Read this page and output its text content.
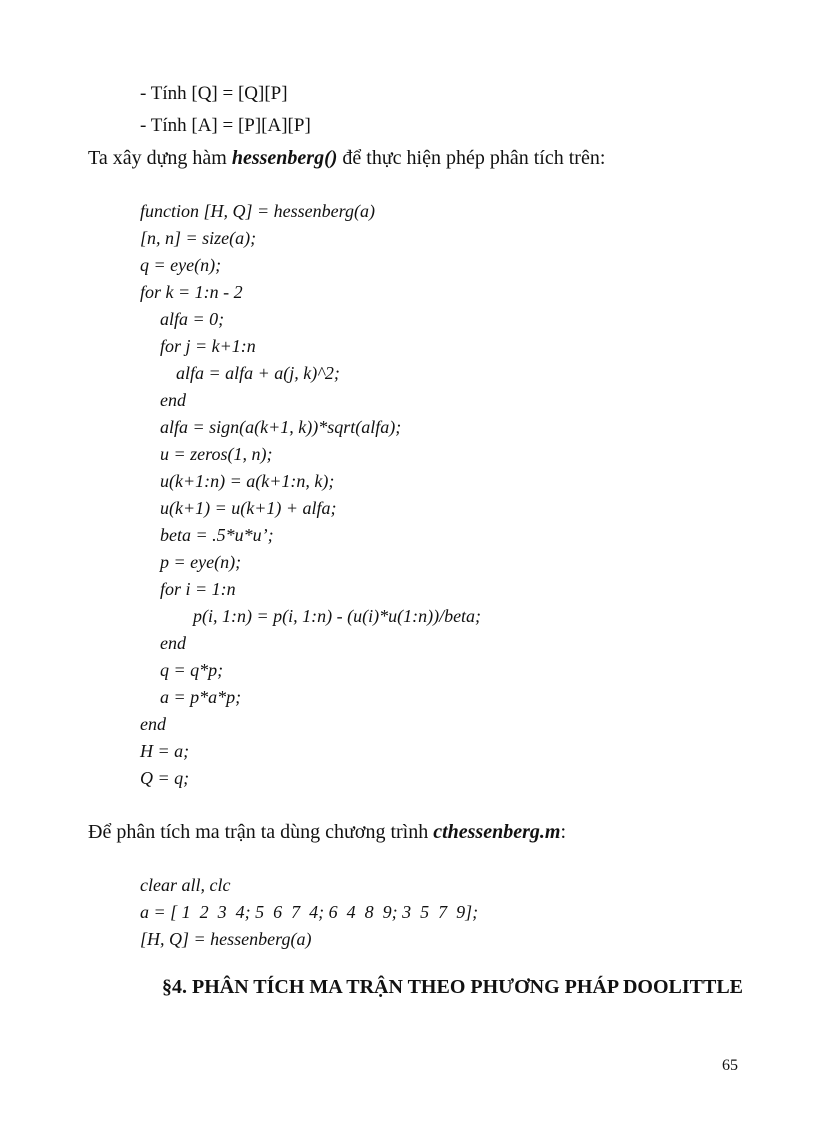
- Tính [Q] = [Q][P]
- Tính [A] = [P][A][P]
Ta xây dựng hàm hessenberg() để thực hiện phép phân tích trên:
function [H, Q] = hessenberg(a)
[n, n] = size(a);
q = eye(n);
for k = 1:n - 2
alfa = 0;
for j = k+1:n
alfa = alfa + a(j, k)^2;
end
alfa = sign(a(k+1, k))*sqrt(alfa);
u = zeros(1, n);
u(k+1:n) = a(k+1:n, k);
u(k+1) = u(k+1) + alfa;
beta = .5*u*u’;
p = eye(n);
for i = 1:n
p(i, 1:n) = p(i, 1:n) - (u(i)*u(1:n))/beta;
end
q = q*p;
a = p*a*p;
end
H = a;
Q = q;
Để phân tích ma trận ta dùng chương trình cthessenberg.m:
clear all, clc
a = [ 1  2  3  4; 5  6  7  4; 6  4  8  9; 3  5  7  9];
[H, Q] = hessenberg(a)
§4. PHÂN TÍCH MA TRẬN THEO PHƯƠNG PHÁP DOOLITTLE
65
